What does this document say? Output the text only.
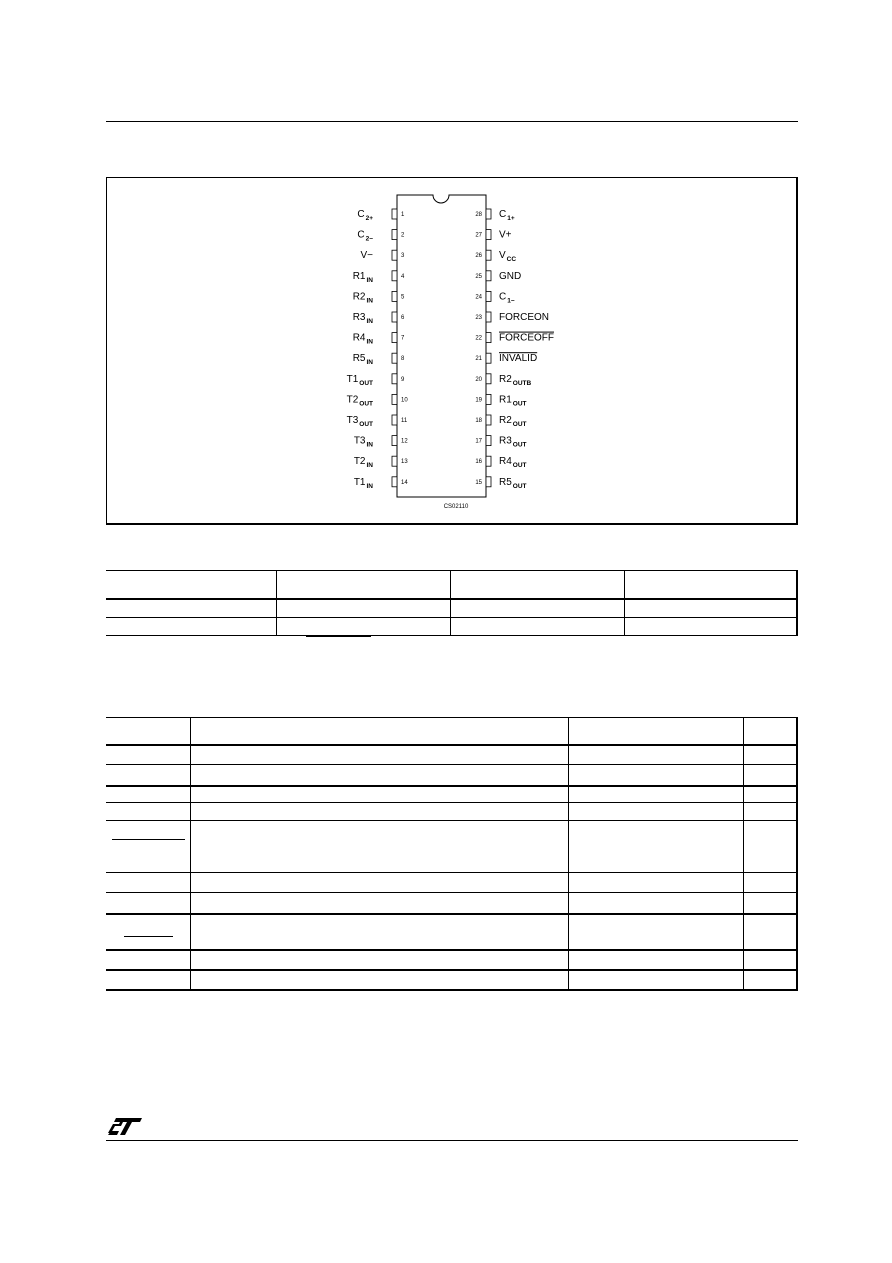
1
$C_{2+}$
2
$C_{2-}$
3
V−
4
$R1_{IN}$
5
$R2_{IN}$
6
$R3_{IN}$
7
$R4_{IN}$
8
$R5_{IN}$
9
$T1_{OUT}$
10
$T2_{OUT}$
11
$T3_{OUT}$
12
$T3_{IN}$
13
$T2_{IN}$
14
$T1_{IN}$
28 $C_{1+}$
27 V+
26 $V_{CC}$
25 GND
24 $C_{1-}$
23 FORCEON
22 FORCEOFF
21 INVALID
20 $R2_{OUTB}$
19 $R1_{OUT}$
18 $R2_{OUT}$
17 $R3_{OUT}$
16 $R4_{OUT}$
15 $R5_{OUT}$
CS02110
